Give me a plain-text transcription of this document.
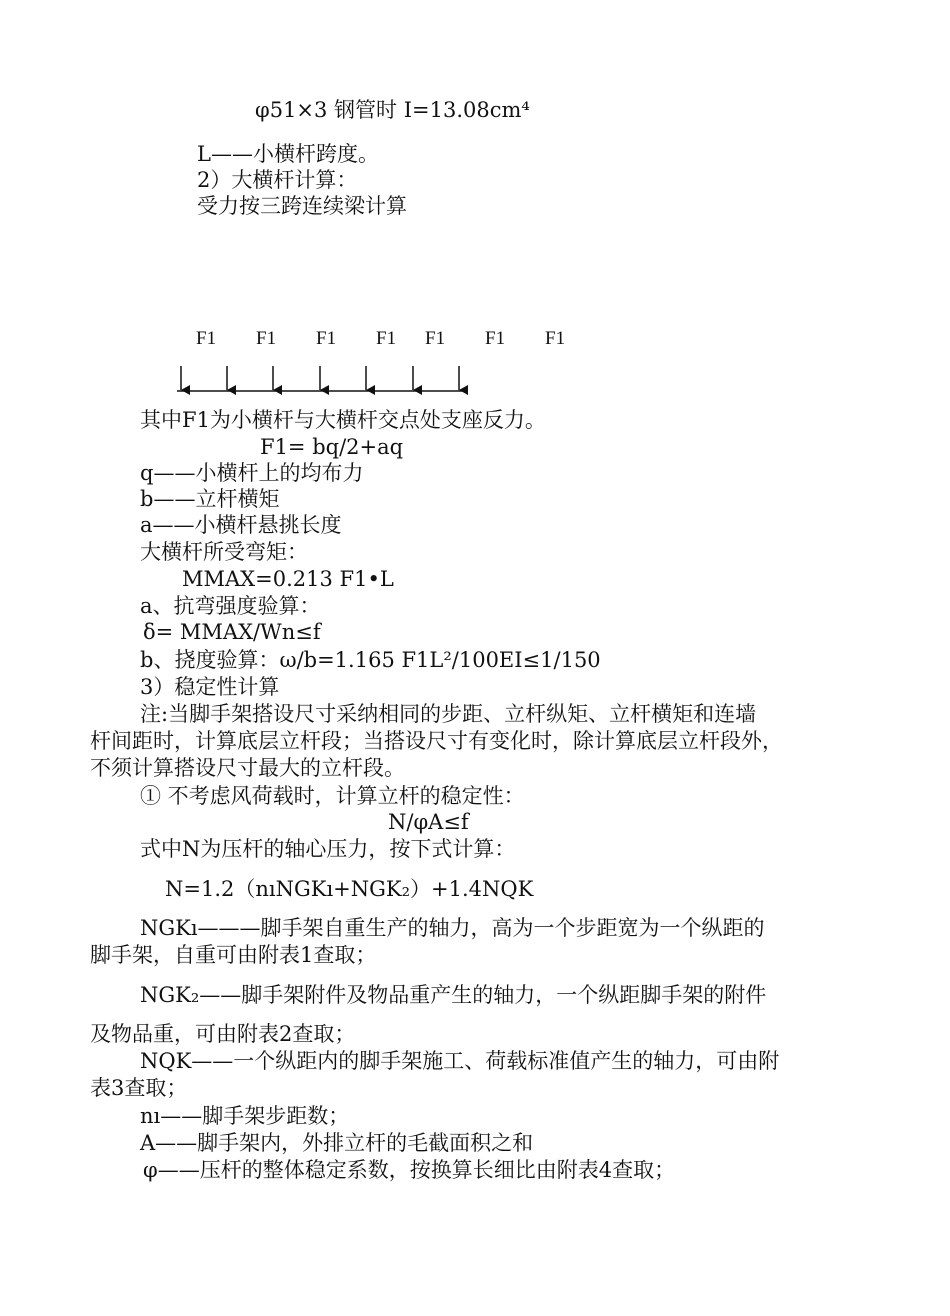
φ51×3 钢管时 I=13.08cm⁴
L——小横杆跨度。
2）大横杆计算：
受力按三跨连续梁计算
F1 F1 F1 F1 F1 F1 F1
其中F1为小横杆与大横杆交点处支座反力。
F1= bq/2+aq
q——小横杆上的均布力
b——立杆横矩
a——小横杆悬挑长度
大横杆所受弯矩：
MMAX=0.213 F1•L
a、抗弯强度验算：
δ= MMAX/Wn≤f
b、挠度验算：ω/b=1.165 F1L²/100EI≤1/150
3）稳定性计算
注:当脚手架搭设尺寸采纳相同的步距、立杆纵矩、立杆横矩和连墙
杆间距时，计算底层立杆段；当搭设尺寸有变化时，除计算底层立杆段外，
不须计算搭设尺寸最大的立杆段。
① 不考虑风荷载时，计算立杆的稳定性：
N/φA≤f
式中N为压杆的轴心压力，按下式计算：
N=1.2（nıNGKı+NGK₂）+1.4NQK
NGKı———脚手架自重生产的轴力，高为一个步距宽为一个纵距的
脚手架，自重可由附表1查取；
NGK₂——脚手架附件及物品重产生的轴力，一个纵距脚手架的附件
及物品重，可由附表2查取；
NQK——一个纵距内的脚手架施工、荷载标准值产生的轴力，可由附
表3查取；
nı——脚手架步距数；
A——脚手架内，外排立杆的毛截面积之和
φ——压杆的整体稳定系数，按换算长细比由附表4查取；
